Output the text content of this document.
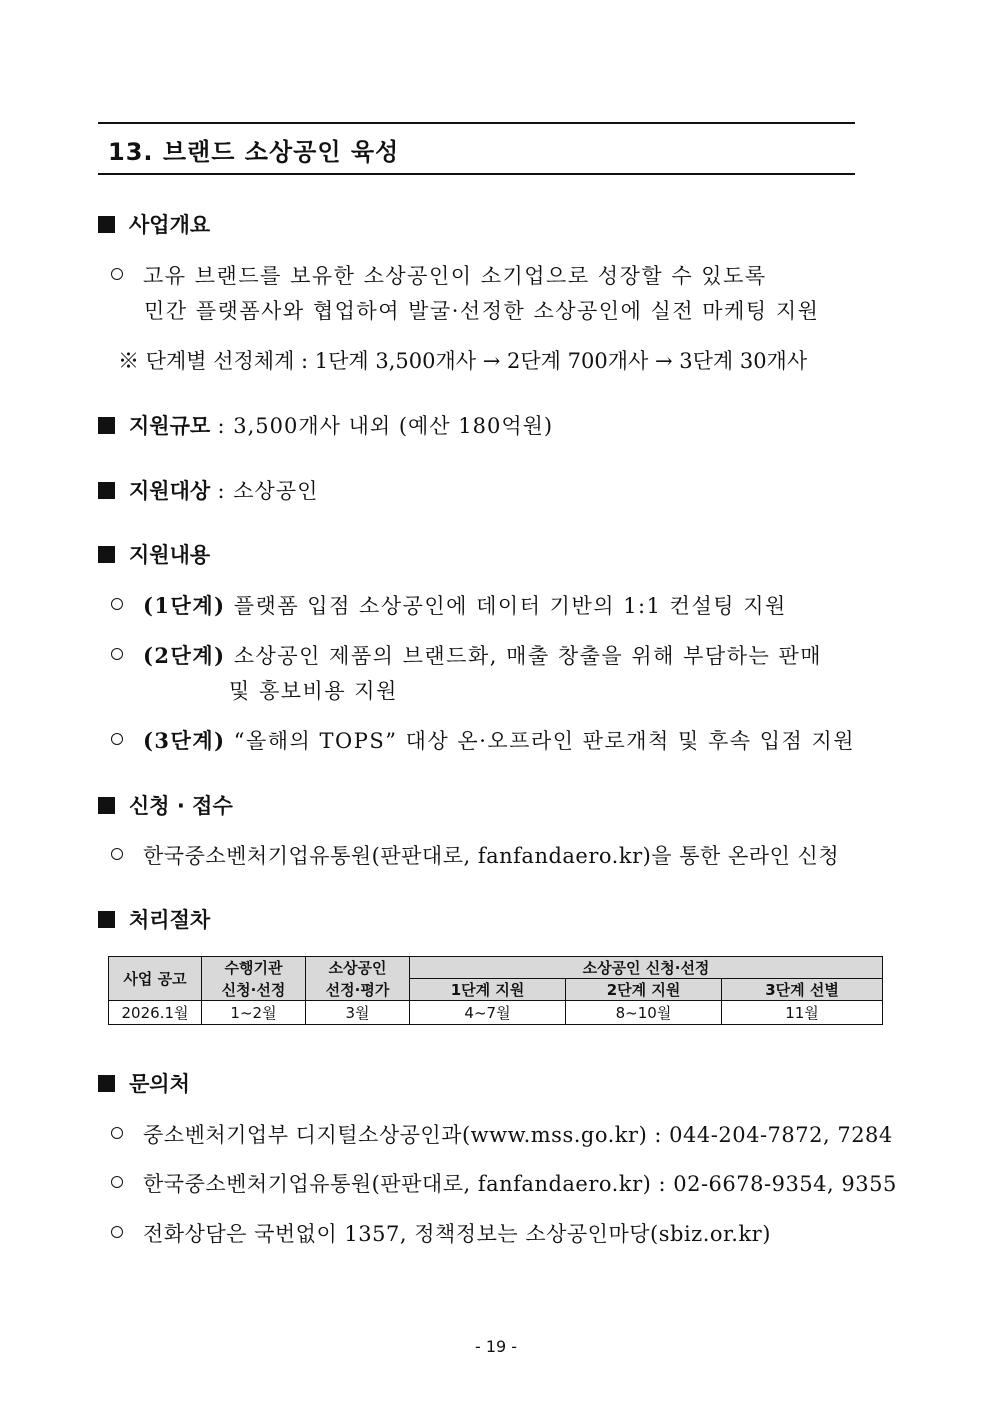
13. 브랜드 소상공인 육성
사업개요
고유 브랜드를 보유한 소상공인이 소기업으로 성장할 수 있도록
민간 플랫폼사와 협업하여 발굴·선정한 소상공인에 실전 마케팅 지원
※ 단계별 선정체계 : 1단계 3,500개사 → 2단계 700개사 → 3단계 30개사
지원규모 : 3,500개사 내외 (예산 180억원)
지원대상 : 소상공인
지원내용
(1단계) 플랫폼 입점 소상공인에 데이터 기반의 1:1 컨설팅 지원
(2단계) 소상공인 제품의 브랜드화, 매출 창출을 위해 부담하는 판매
및 홍보비용 지원
(3단계) “올해의 TOPS” 대상 온·오프라인 판로개척 및 후속 입점 지원
신청 · 접수
한국중소벤처기업유통원(판판대로, fanfandaero.kr)을 통한 온라인 신청
처리절차
사업 공고	수행기관	소상공인	소상공인 신청·선정		
	신청·선정	선정·평가	1단계 지원	2단계 지원	3단계 선별
2026.1월	1~2월	3월	4~7월	8~10월	11월
문의처
중소벤처기업부 디지털소상공인과(www.mss.go.kr) : 044-204-7872, 7284
한국중소벤처기업유통원(판판대로, fanfandaero.kr) : 02-6678-9354, 9355
전화상담은 국번없이 1357, 정책정보는 소상공인마당(sbiz.or.kr)
- 19 -
